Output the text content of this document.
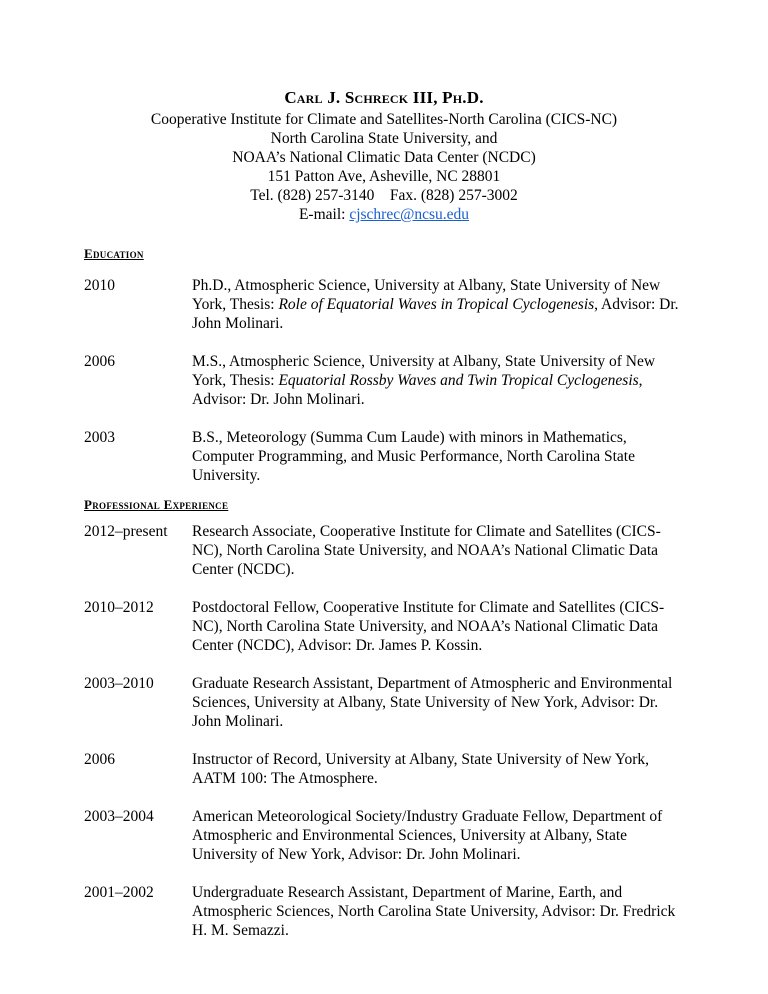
Carl J. Schreck III, Ph.D.
Cooperative Institute for Climate and Satellites-North Carolina (CICS-NC)
North Carolina State University, and
NOAA’s National Climatic Data Center (NCDC)
151 Patton Ave, Asheville, NC 28801
Tel. (828) 257-3140    Fax. (828) 257-3002
E-mail: cjschrec@ncsu.edu
Education
2010	Ph.D., Atmospheric Science, University at Albany, State University of New York, Thesis: Role of Equatorial Waves in Tropical Cyclogenesis, Advisor: Dr. John Molinari.
2006	M.S., Atmospheric Science, University at Albany, State University of New York, Thesis: Equatorial Rossby Waves and Twin Tropical Cyclogenesis, Advisor: Dr. John Molinari.
2003	B.S., Meteorology (Summa Cum Laude) with minors in Mathematics, Computer Programming, and Music Performance, North Carolina State University.
Professional Experience
2012–present	Research Associate, Cooperative Institute for Climate and Satellites (CICS-NC), North Carolina State University, and NOAA’s National Climatic Data Center (NCDC).
2010–2012	Postdoctoral Fellow, Cooperative Institute for Climate and Satellites (CICS-NC), North Carolina State University, and NOAA’s National Climatic Data Center (NCDC), Advisor: Dr. James P. Kossin.
2003–2010	Graduate Research Assistant, Department of Atmospheric and Environmental Sciences, University at Albany, State University of New York, Advisor: Dr. John Molinari.
2006	Instructor of Record, University at Albany, State University of New York, AATM 100: The Atmosphere.
2003–2004	American Meteorological Society/Industry Graduate Fellow, Department of Atmospheric and Environmental Sciences, University at Albany, State University of New York, Advisor: Dr. John Molinari.
2001–2002	Undergraduate Research Assistant, Department of Marine, Earth, and Atmospheric Sciences, North Carolina State University, Advisor: Dr. Fredrick H. M. Semazzi.
